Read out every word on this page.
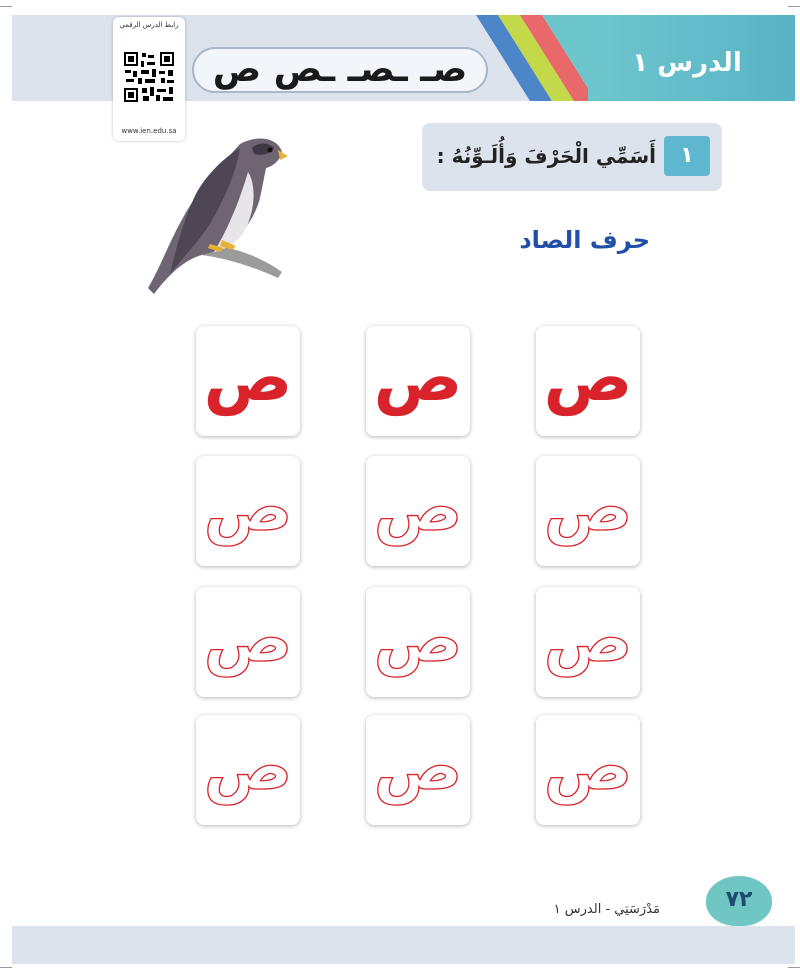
الدرس ١
صـ ـصـ ـص ص
رابط الدرس الرقمي
www.ien.edu.sa
١
أَسَمِّي الْحَرْفَ وَأُلَـوِّنُهُ :
حرف الصاد
ص ص ص
ص ص ص
ص ص ص
ص ص ص
مَدْرَسَتِي - الدرس ١	٧٢
